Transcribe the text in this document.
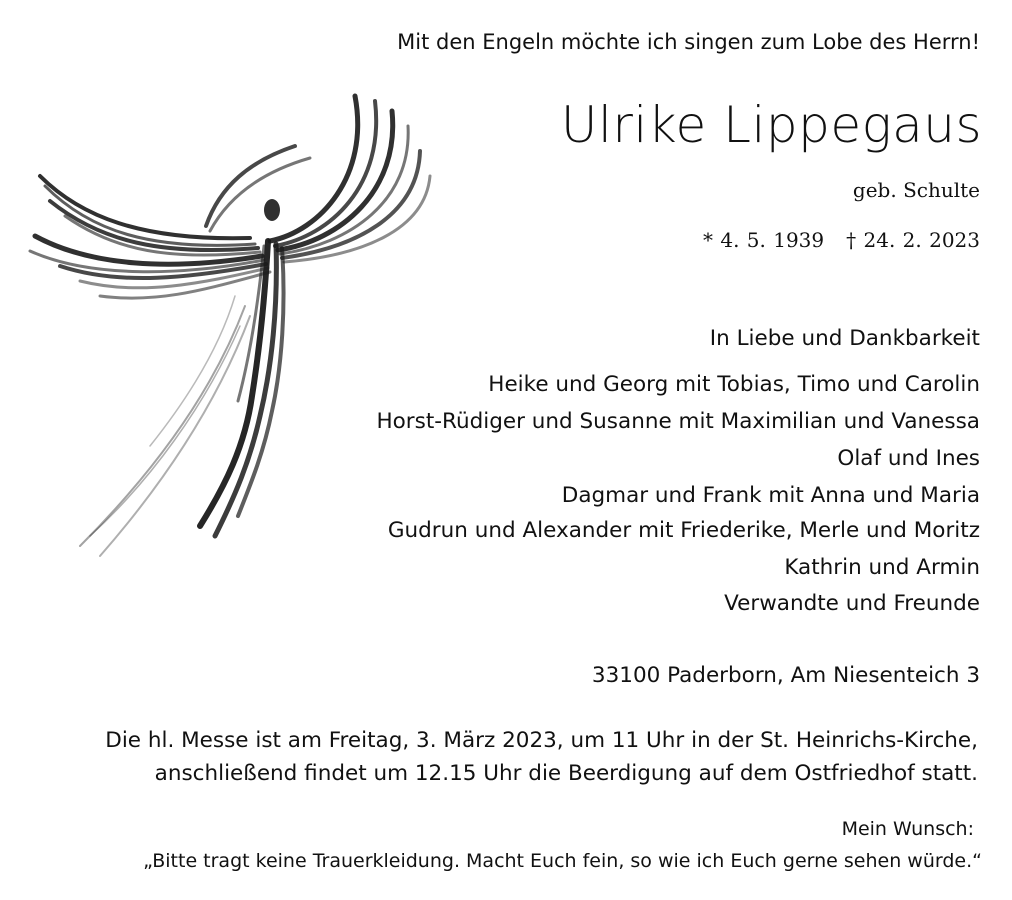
Mit den Engeln möchte ich singen zum Lobe des Herrn!
Ulrike Lippegaus
geb. Schulte
* 4. 5. 1939 † 24. 2. 2023
In Liebe und Dankbarkeit
Heike und Georg mit Tobias, Timo und Carolin
Horst-Rüdiger und Susanne mit Maximilian und Vanessa
Olaf und Ines
Dagmar und Frank mit Anna und Maria
Gudrun und Alexander mit Friederike, Merle und Moritz
Kathrin und Armin
Verwandte und Freunde
33100 Paderborn, Am Niesenteich 3
Die hl. Messe ist am Freitag, 3. März 2023, um 11 Uhr in der St. Heinrichs-Kirche,
anschließend findet um 12.15 Uhr die Beerdigung auf dem Ostfriedhof statt.
Mein Wunsch:
„Bitte tragt keine Trauerkleidung. Macht Euch fein, so wie ich Euch gerne sehen würde.“
